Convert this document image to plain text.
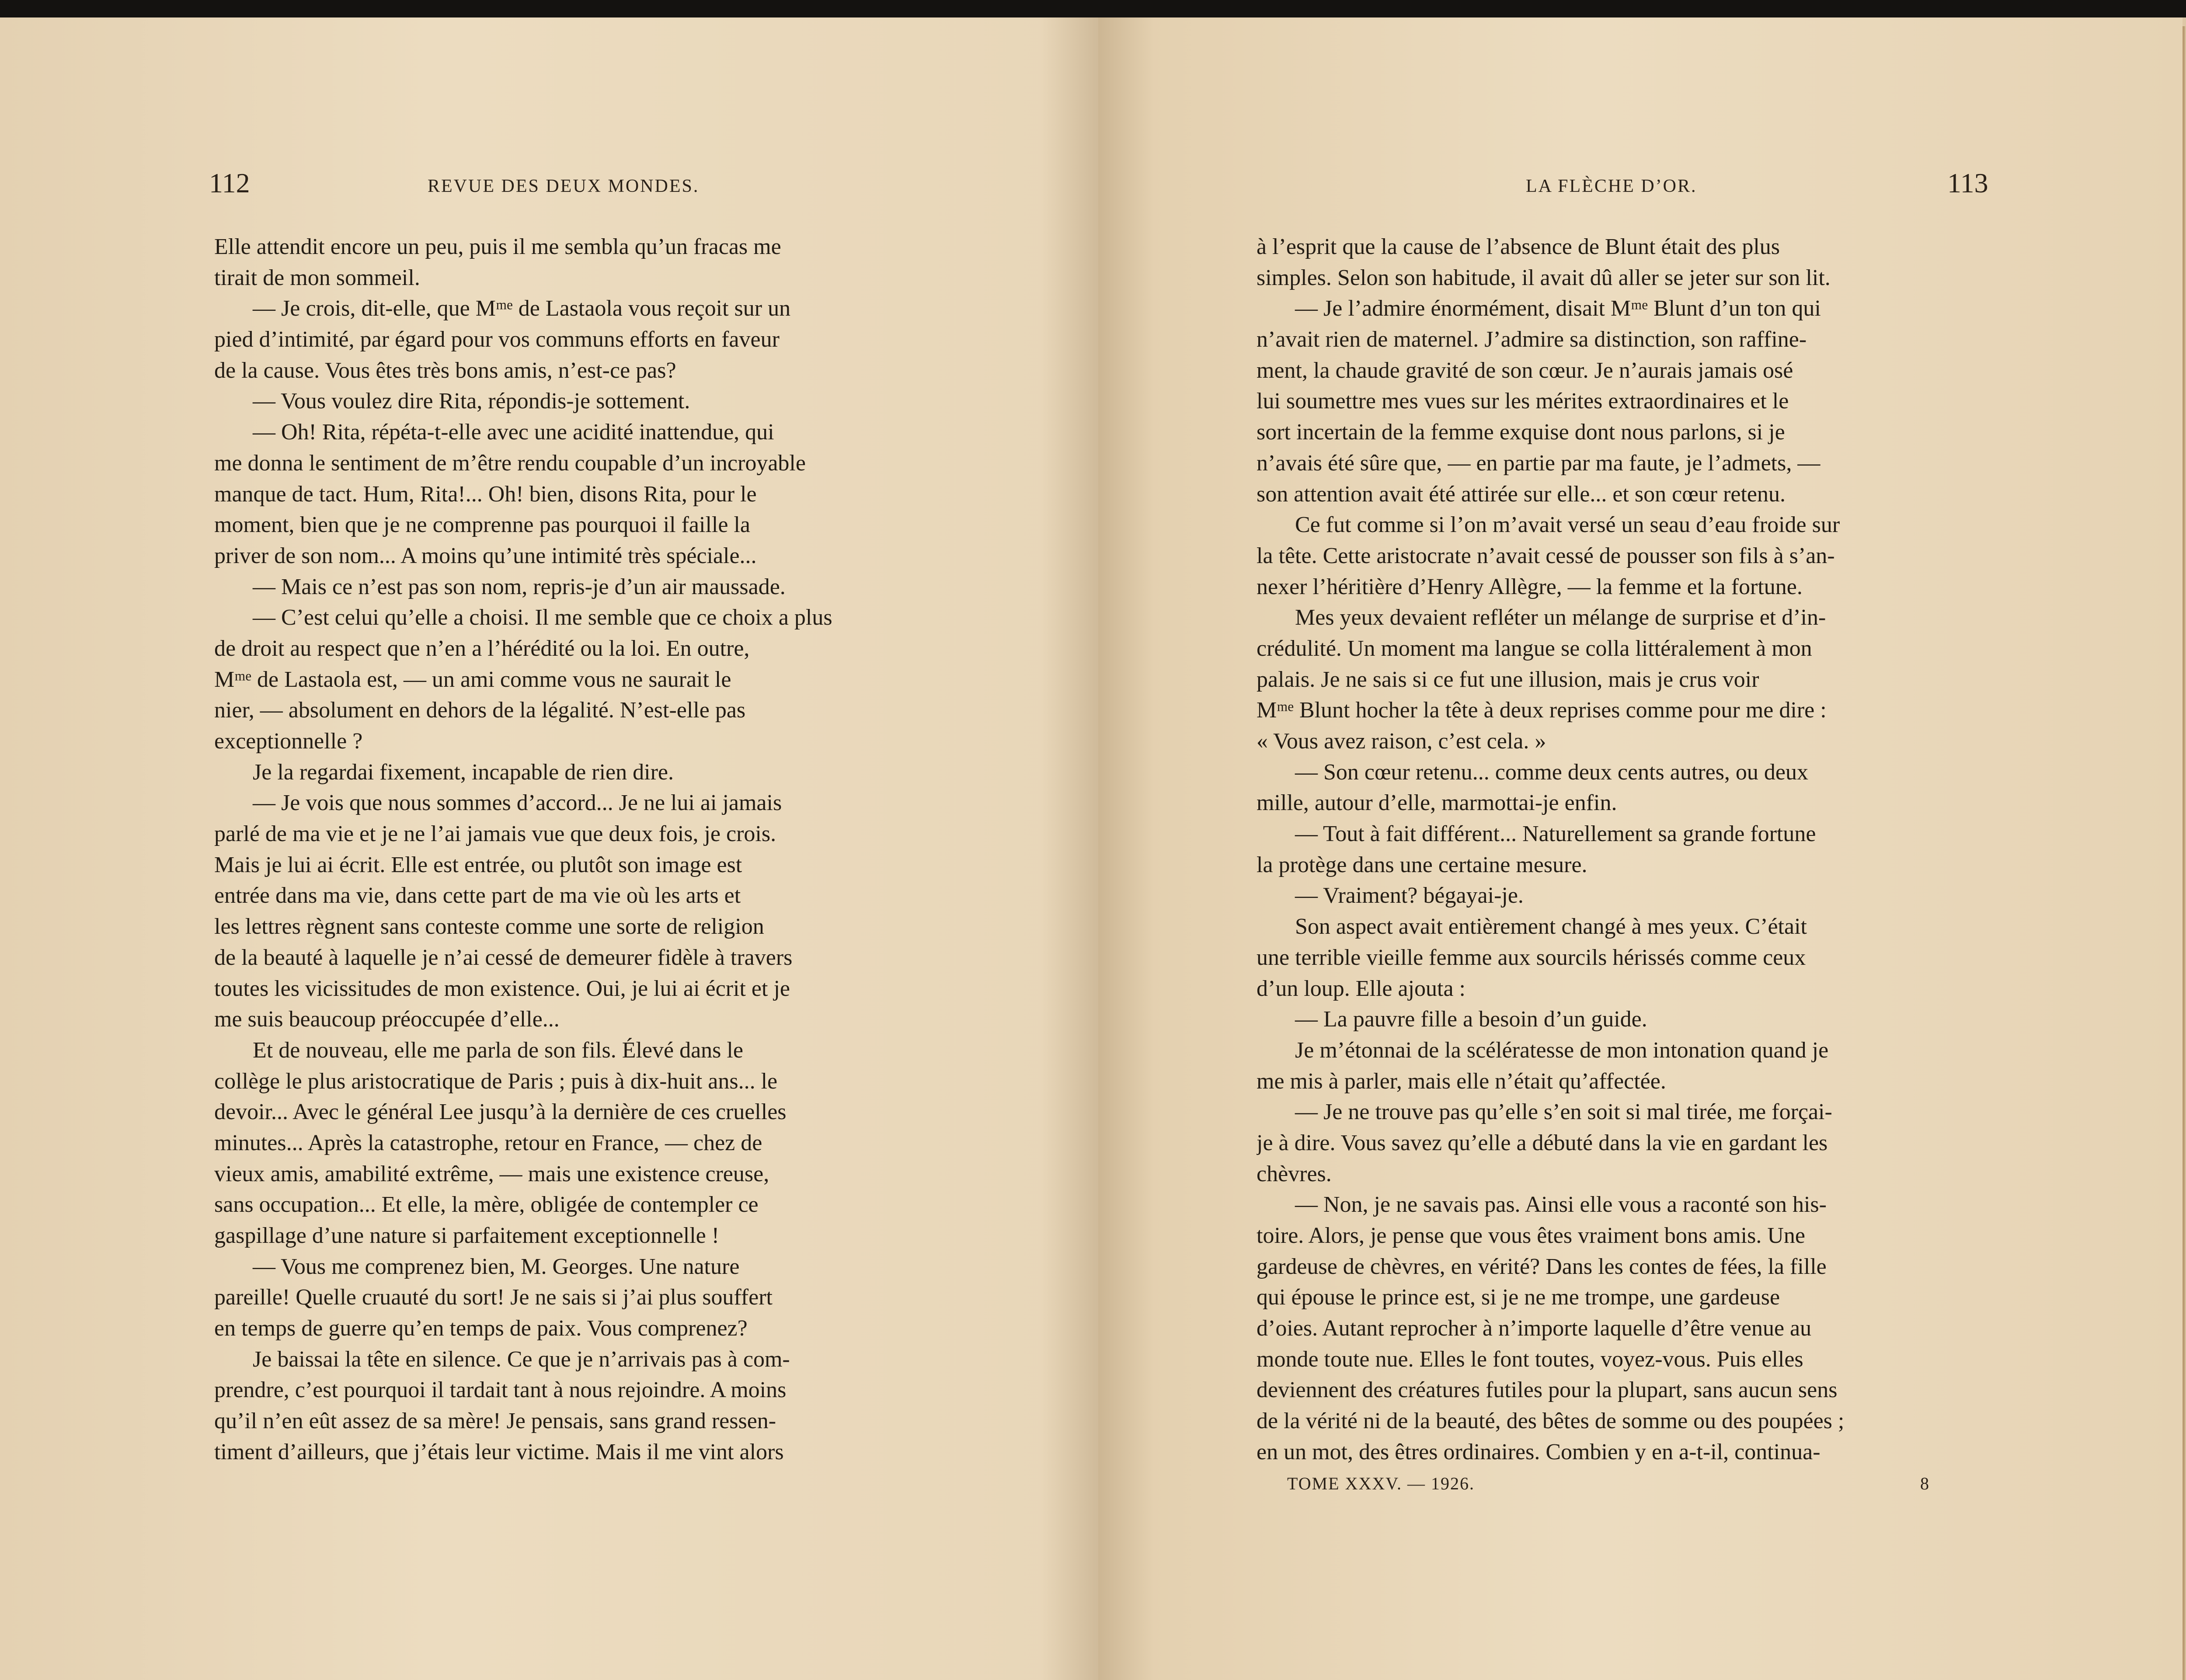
112	REVUE DES DEUX MONDES.
Elle attendit encore un peu, puis il me sembla qu’un fracas me
tirait de mon sommeil.
— Je crois, dit-elle, que Mᵐᵉ de Lastaola vous reçoit sur un
pied d’intimité, par égard pour vos communs efforts en faveur
de la cause. Vous êtes très bons amis, n’est-ce pas?
— Vous voulez dire Rita, répondis-je sottement.
— Oh! Rita, répéta-t-elle avec une acidité inattendue, qui
me donna le sentiment de m’être rendu coupable d’un incroyable
manque de tact. Hum, Rita!... Oh! bien, disons Rita, pour le
moment, bien que je ne comprenne pas pourquoi il faille la
priver de son nom... A moins qu’une intimité très spéciale...
— Mais ce n’est pas son nom, repris-je d’un air maussade.
— C’est celui qu’elle a choisi. Il me semble que ce choix a plus
de droit au respect que n’en a l’hérédité ou la loi. En outre,
Mᵐᵉ de Lastaola est, — un ami comme vous ne saurait le
nier, — absolument en dehors de la légalité. N’est-elle pas
exceptionnelle ?
Je la regardai fixement, incapable de rien dire.
— Je vois que nous sommes d’accord... Je ne lui ai jamais
parlé de ma vie et je ne l’ai jamais vue que deux fois, je crois.
Mais je lui ai écrit. Elle est entrée, ou plutôt son image est
entrée dans ma vie, dans cette part de ma vie où les arts et
les lettres règnent sans conteste comme une sorte de religion
de la beauté à laquelle je n’ai cessé de demeurer fidèle à travers
toutes les vicissitudes de mon existence. Oui, je lui ai écrit et je
me suis beaucoup préoccupée d’elle...
Et de nouveau, elle me parla de son fils. Élevé dans le
collège le plus aristocratique de Paris ; puis à dix-huit ans... le
devoir... Avec le général Lee jusqu’à la dernière de ces cruelles
minutes... Après la catastrophe, retour en France, — chez de
vieux amis, amabilité extrême, — mais une existence creuse,
sans occupation... Et elle, la mère, obligée de contempler ce
gaspillage d’une nature si parfaitement exceptionnelle !
— Vous me comprenez bien, M. Georges. Une nature
pareille! Quelle cruauté du sort! Je ne sais si j’ai plus souffert
en temps de guerre qu’en temps de paix. Vous comprenez?
Je baissai la tête en silence. Ce que je n’arrivais pas à com-
prendre, c’est pourquoi il tardait tant à nous rejoindre. A moins
qu’il n’en eût assez de sa mère! Je pensais, sans grand ressen-
timent d’ailleurs, que j’étais leur victime. Mais il me vint alors
LA FLÈCHE D’OR.	113
à l’esprit que la cause de l’absence de Blunt était des plus
simples. Selon son habitude, il avait dû aller se jeter sur son lit.
— Je l’admire énormément, disait Mᵐᵉ Blunt d’un ton qui
n’avait rien de maternel. J’admire sa distinction, son raffine-
ment, la chaude gravité de son cœur. Je n’aurais jamais osé
lui soumettre mes vues sur les mérites extraordinaires et le
sort incertain de la femme exquise dont nous parlons, si je
n’avais été sûre que, — en partie par ma faute, je l’admets, —
son attention avait été attirée sur elle... et son cœur retenu.
Ce fut comme si l’on m’avait versé un seau d’eau froide sur
la tête. Cette aristocrate n’avait cessé de pousser son fils à s’an-
nexer l’héritière d’Henry Allègre, — la femme et la fortune.
Mes yeux devaient refléter un mélange de surprise et d’in-
crédulité. Un moment ma langue se colla littéralement à mon
palais. Je ne sais si ce fut une illusion, mais je crus voir
Mᵐᵉ Blunt hocher la tête à deux reprises comme pour me dire :
« Vous avez raison, c’est cela. »
— Son cœur retenu... comme deux cents autres, ou deux
mille, autour d’elle, marmottai-je enfin.
— Tout à fait différent... Naturellement sa grande fortune
la protège dans une certaine mesure.
— Vraiment? bégayai-je.
Son aspect avait entièrement changé à mes yeux. C’était
une terrible vieille femme aux sourcils hérissés comme ceux
d’un loup. Elle ajouta :
— La pauvre fille a besoin d’un guide.
Je m’étonnai de la scélératesse de mon intonation quand je
me mis à parler, mais elle n’était qu’affectée.
— Je ne trouve pas qu’elle s’en soit si mal tirée, me forçai-
je à dire. Vous savez qu’elle a débuté dans la vie en gardant les
chèvres.
— Non, je ne savais pas. Ainsi elle vous a raconté son his-
toire. Alors, je pense que vous êtes vraiment bons amis. Une
gardeuse de chèvres, en vérité? Dans les contes de fées, la fille
qui épouse le prince est, si je ne me trompe, une gardeuse
d’oies. Autant reprocher à n’importe laquelle d’être venue au
monde toute nue. Elles le font toutes, voyez-vous. Puis elles
deviennent des créatures futiles pour la plupart, sans aucun sens
de la vérité ni de la beauté, des bêtes de somme ou des poupées ;
en un mot, des êtres ordinaires. Combien y en a-t-il, continua-
TOME XXXV. — 1926.	8
